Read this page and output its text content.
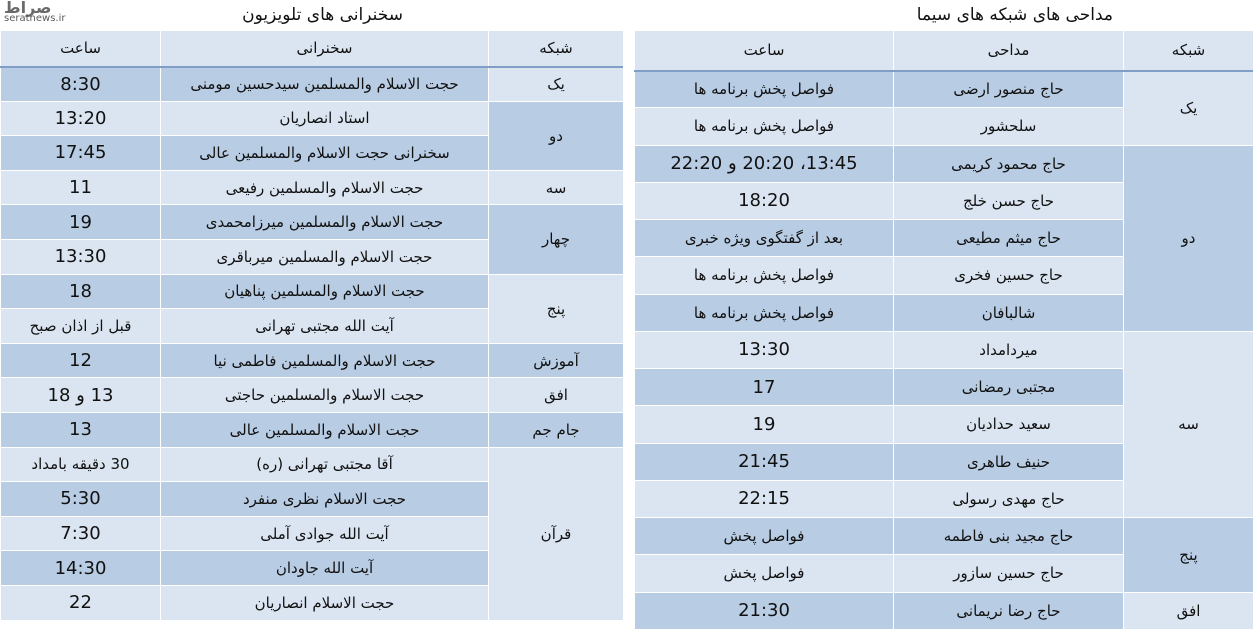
صراط
seratnews.ir	سخنرانی های تلویزیون
شبکه	سخنرانی	ساعت
یک	حجت الاسلام والمسلمین سیدحسین مومنی	8:30
دو	استاد انصاریان	13:20
	سخنرانی حجت الاسلام والمسلمین عالی	17:45
سه	حجت الاسلام والمسلمین رفیعی	11
چهار	حجت الاسلام والمسلمین میرزامحمدی	19
	حجت الاسلام والمسلمین میرباقری	13:30
پنج	حجت الاسلام والمسلمین پناهیان	18
	آیت الله مجتبی تهرانی	قبل از اذان صبح
آموزش	حجت الاسلام والمسلمین فاطمی نیا	12
افق	حجت الاسلام والمسلمین حاجتی	13 و 18
جام جم	حجت الاسلام والمسلمین عالی	13
قرآن	آقا مجتبی تهرانی (ره)	30 دقیقه بامداد
	حجت الاسلام نظری منفرد	5:30
	آیت الله جوادی آملی	7:30
	آیت الله جاودان	14:30
	حجت الاسلام انصاریان	22
مداحی های شبکه های سیما
شبکه	مداحی	ساعت
یک	حاج منصور ارضی	فواصل پخش برنامه ها
	سلحشور	فواصل پخش برنامه ها
دو	حاج محمود کریمی	13:45، 20:20 و 22:20
	حاج حسن خلج	18:20
	حاج میثم مطیعی	بعد از گفتگوی ویژه خبری
	حاج حسین فخری	فواصل پخش برنامه ها
	شالبافان	فواصل پخش برنامه ها
سه	میردامداد	13:30
	مجتبی رمضانی	17
	سعید حدادیان	19
	حنیف طاهری	21:45
	حاج مهدی رسولی	22:15
پنج	حاج مجید بنی فاطمه	فواصل پخش
	حاج حسین سازور	فواصل پخش
افق	حاج رضا نریمانی	21:30
